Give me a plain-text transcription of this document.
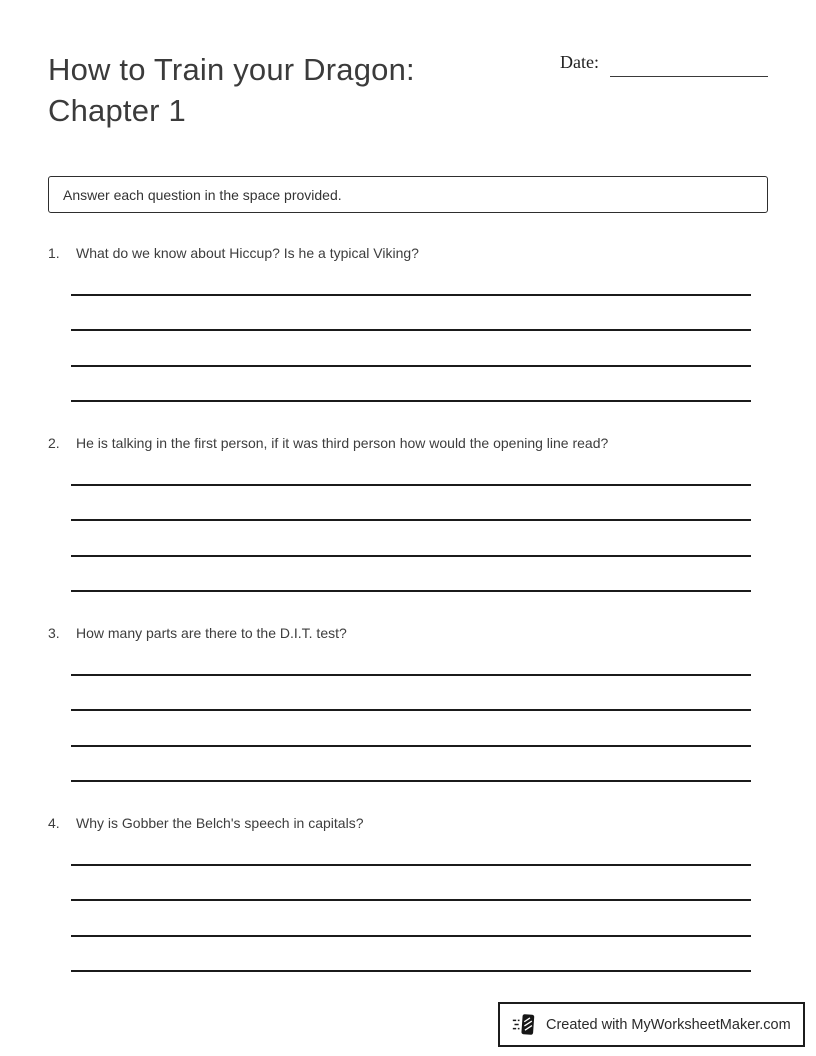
How to Train your Dragon:
Chapter 1
Date:
Answer each question in the space provided.
1.	What do we know about Hiccup? Is he a typical Viking?
2.	He is talking in the first person, if it was third person how would the opening line read?
3.	How many parts are there to the D.I.T. test?
4.	Why is Gobber the Belch's speech in capitals?
Created with MyWorksheetMaker.com
